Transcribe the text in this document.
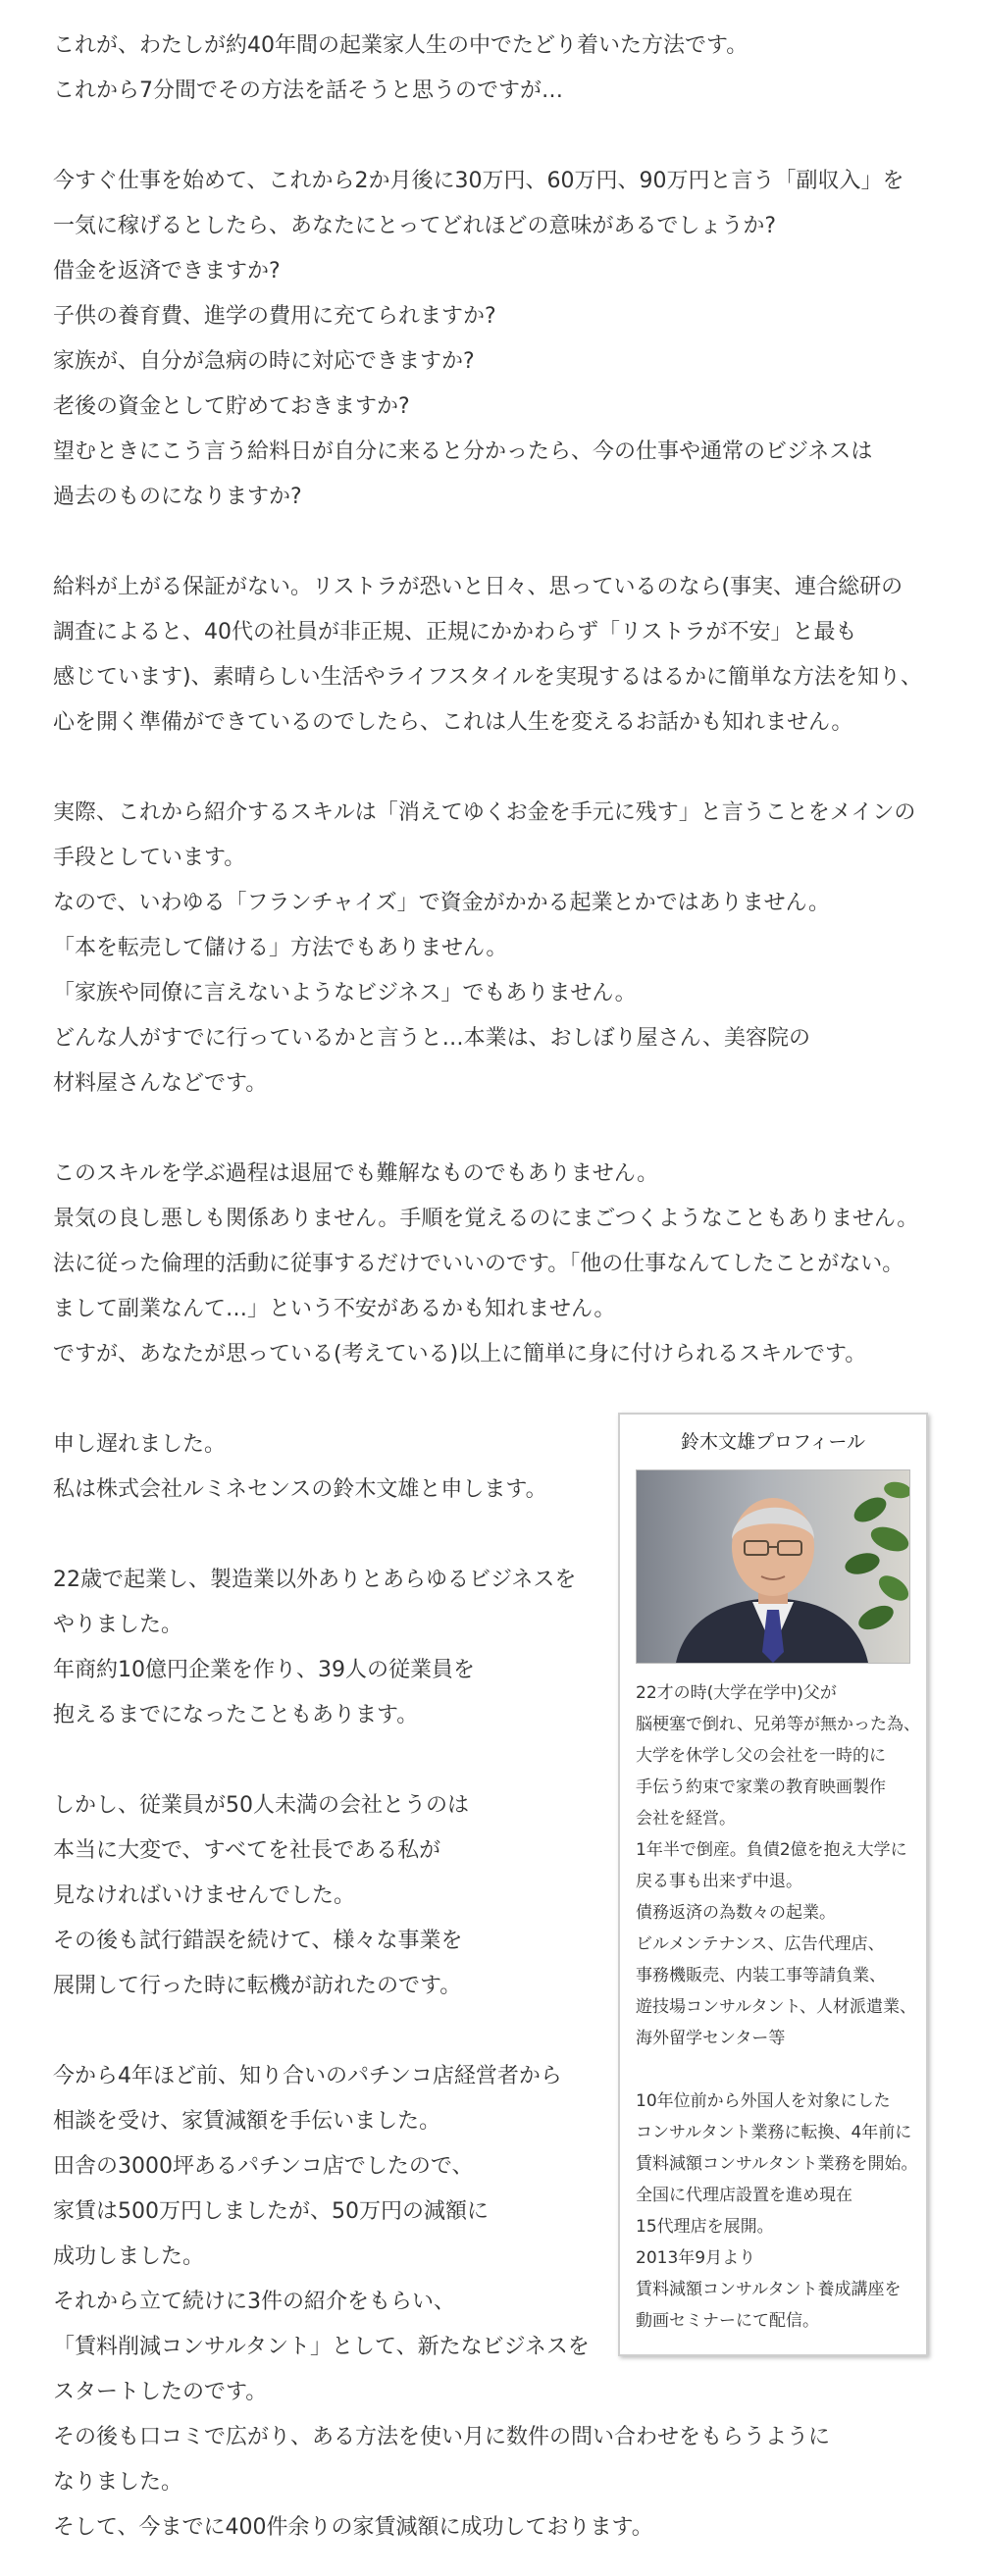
これが、わたしが約40年間の起業家人生の中でたどり着いた方法です。
これから7分間でその方法を話そうと思うのですが…
今すぐ仕事を始めて、これから2か月後に30万円、60万円、90万円と言う「副収入」を
一気に稼げるとしたら、あなたにとってどれほどの意味があるでしょうか?
借金を返済できますか?
子供の養育費、進学の費用に充てられますか?
家族が、自分が急病の時に対応できますか?
老後の資金として貯めておきますか?
望むときにこう言う給料日が自分に来ると分かったら、今の仕事や通常のビジネスは
過去のものになりますか?
給料が上がる保証がない。リストラが恐いと日々、思っているのなら(事実、連合総研の
調査によると、40代の社員が非正規、正規にかかわらず「リストラが不安」と最も
感じています)、素晴らしい生活やライフスタイルを実現するはるかに簡単な方法を知り、
心を開く準備ができているのでしたら、これは人生を変えるお話かも知れません。
実際、これから紹介するスキルは「消えてゆくお金を手元に残す」と言うことをメインの
手段としています。
なので、いわゆる「フランチャイズ」で資金がかかる起業とかではありません。
「本を転売して儲ける」方法でもありません。
「家族や同僚に言えないようなビジネス」でもありません。
どんな人がすでに行っているかと言うと…本業は、おしぼり屋さん、美容院の
材料屋さんなどです。
このスキルを学ぶ過程は退屈でも難解なものでもありません。
景気の良し悪しも関係ありません。手順を覚えるのにまごつくようなこともありません。
法に従った倫理的活動に従事するだけでいいのです。「他の仕事なんてしたことがない。
まして副業なんて…」という不安があるかも知れません。
ですが、あなたが思っている(考えている)以上に簡単に身に付けられるスキルです。
申し遅れました。
私は株式会社ルミネセンスの鈴木文雄と申します。
22歳で起業し、製造業以外ありとあらゆるビジネスを
やりました。
年商約10億円企業を作り、39人の従業員を
抱えるまでになったこともあります。
しかし、従業員が50人未満の会社とうのは
本当に大変で、すべてを社長である私が
見なければいけませんでした。
その後も試行錯誤を続けて、様々な事業を
展開して行った時に転機が訪れたのです。
今から4年ほど前、知り合いのパチンコ店経営者から
相談を受け、家賃減額を手伝いました。
田舎の3000坪あるパチンコ店でしたので、
家賃は500万円しましたが、50万円の減額に
成功しました。
それから立て続けに3件の紹介をもらい、
「賃料削減コンサルタント」として、新たなビジネスを
スタートしたのです。
その後も口コミで広がり、ある方法を使い月に数件の問い合わせをもらうように
なりました。
そして、今までに400件余りの家賃減額に成功しております。
鈴木文雄プロフィール
22才の時(大学在学中)父が
脳梗塞で倒れ、兄弟等が無かった為、
大学を休学し父の会社を一時的に
手伝う約束で家業の教育映画製作
会社を経営。
1年半で倒産。負債2億を抱え大学に
戻る事も出来ず中退。
債務返済の為数々の起業。
ビルメンテナンス、広告代理店、
事務機販売、内装工事等請負業、
遊技場コンサルタント、人材派遣業、
海外留学センター等
10年位前から外国人を対象にした
コンサルタント業務に転換、4年前に
賃料減額コンサルタント業務を開始。
全国に代理店設置を進め現在
15代理店を展開。
2013年9月より
賃料減額コンサルタント養成講座を
動画セミナーにて配信。
